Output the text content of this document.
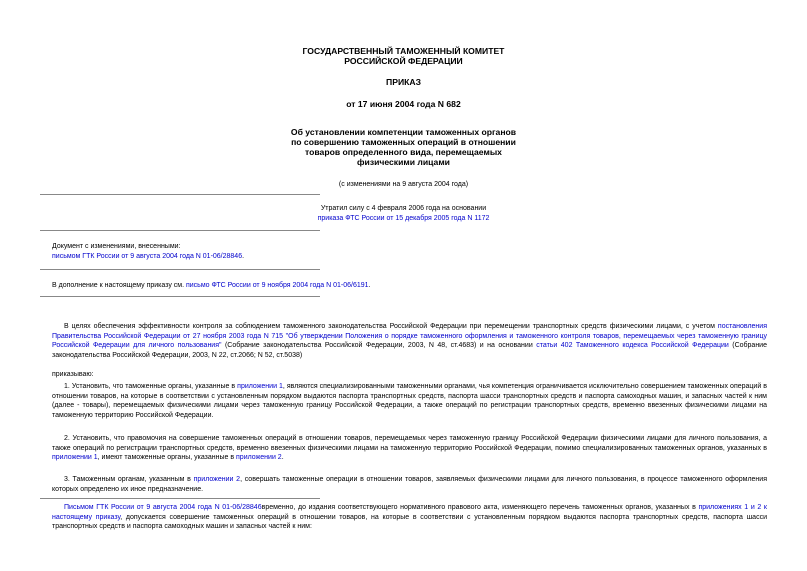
ГОСУДАРСТВЕННЫЙ ТАМОЖЕННЫЙ КОМИТЕТ
РОССИЙСКОЙ ФЕДЕРАЦИИ
ПРИКАЗ
от 17 июня 2004 года N 682
Об установлении компетенции таможенных органов
по совершению таможенных операций в отношении
товаров определенного вида, перемещаемых
физическими лицами
(с изменениями на 9 августа 2004 года)
Утратил силу с 4 февраля 2006 года на основании
приказа ФТС России от 15 декабря 2005 года N 1172
Документ с изменениями, внесенными:
письмом ГТК России от 9 августа 2004 года N 01-06/28846.
В дополнение к настоящему приказу см. письмо ФТС России от 9 ноября 2004 года N 01-06/6191.
В целях обеспечения эффективности контроля за соблюдением таможенного законодательства Российской Федерации при перемещении транспортных средств физическими лицами, с учетом постановления Правительства Российской Федерации от 27 ноября 2003 года N 715 "Об утверждении Положения о порядке таможенного оформления и таможенного контроля товаров, перемещаемых через таможенную границу Российской Федерации для личного пользования" (Собрание законодательства Российской Федерации, 2003, N 48, ст.4683) и на основании статьи 402 Таможенного кодекса Российской Федерации (Собрание законодательства Российской Федерации, 2003, N 22, ст.2066; N 52, ст.5038)
приказываю:
1. Установить, что таможенные органы, указанные в приложении 1, являются специализированными таможенными органами, чья компетенция ограничивается исключительно совершением таможенных операций в отношении товаров, на которые в соответствии с установленным порядком выдаются паспорта транспортных средств, паспорта шасси транспортных средств и паспорта самоходных машин, и запасных частей к ним (далее - товары), перемещаемых физическими лицами через таможенную границу Российской Федерации, а также операций по регистрации транспортных средств, временно ввезенных физическими лицами на таможенную территорию Российской Федерации.
2. Установить, что правомочия на совершение таможенных операций в отношении товаров, перемещаемых через таможенную границу Российской Федерации физическими лицами для личного пользования, а также операций по регистрации транспортных средств, временно ввезенных физическими лицами на таможенную территорию Российской Федерации, помимо специализированных таможенных органов, указанных в приложении 1, имеют таможенные органы, указанные в приложении 2.
3. Таможенным органам, указанным в приложении 2, совершать таможенные операции в отношении товаров, заявляемых физическими лицами для личного пользования, в процессе таможенного оформления которых определено их иное предназначение.
Письмом ГТК России от 9 августа 2004 года N 01-06/28846временно, до издания соответствующего нормативного правового акта, изменяющего перечень таможенных органов, указанных в приложениях 1 и 2 к настоящему приказу, допускается совершение таможенных операций в отношении товаров, на которые в соответствии с установленным порядком выдаются паспорта транспортных средств, паспорта шасси транспортных средств и паспорта самоходных машин и запасных частей к ним:
